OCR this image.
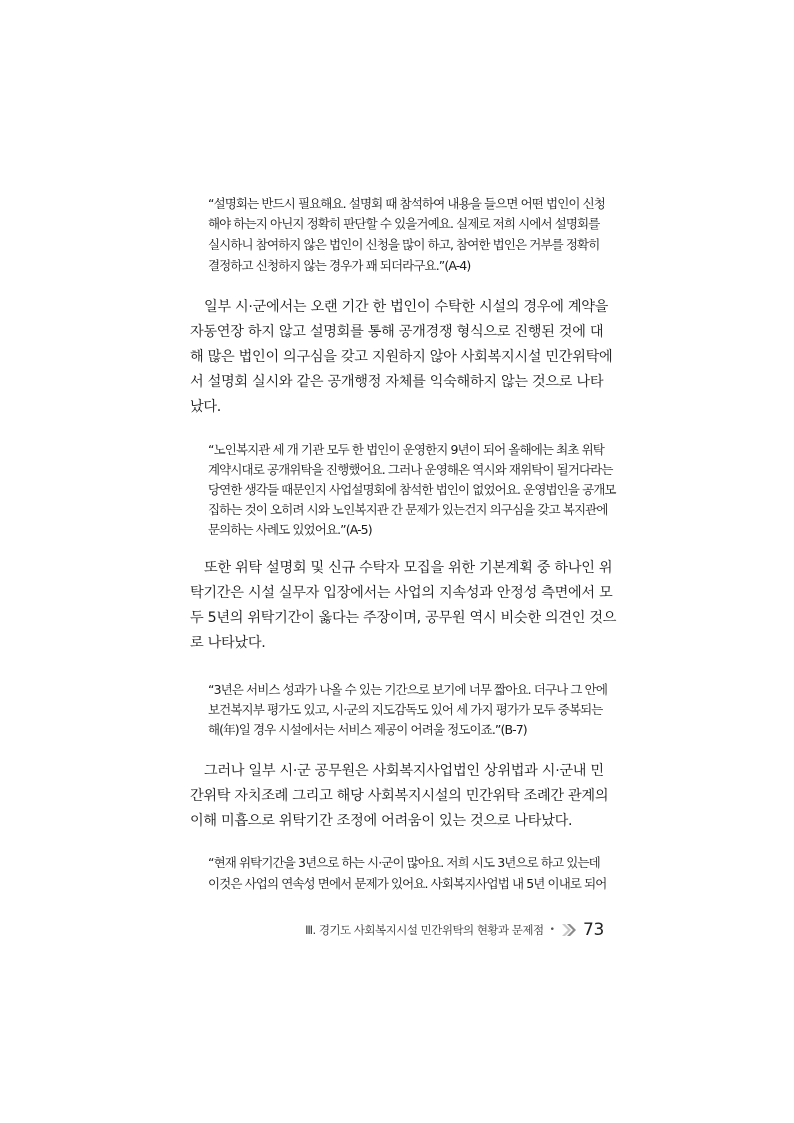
“설명회는 반드시 필요해요. 설명회 때 참석하여 내용을 들으면 어떤 법인이 신청
해야 하는지 아닌지 정확히 판단할 수 있을거예요. 실제로 저희 시에서 설명회를
실시하니 참여하지 않은 법인이 신청을 많이 하고, 참여한 법인은 거부를 정확히
결정하고 신청하지 않는 경우가 꽤 되더라구요.”(A-4)
일부 시·군에서는 오랜 기간 한 법인이 수탁한 시설의 경우에 계약을
자동연장 하지 않고 설명회를 통해 공개경쟁 형식으로 진행된 것에 대
해 많은 법인이 의구심을 갖고 지원하지 않아 사회복지시설 민간위탁에
서 설명회 실시와 같은 공개행정 자체를 익숙해하지 않는 것으로 나타
났다.
“노인복지관 세 개 기관 모두 한 법인이 운영한지 9년이 되어 올해에는 최초 위탁
계약시대로 공개위탁을 진행했어요. 그러나 운영해온 역시와 재위탁이 될거다라는
당연한 생각들 때문인지 사업설명회에 참석한 법인이 없었어요. 운영법인을 공개모
집하는 것이 오히려 시와 노인복지관 간 문제가 있는건지 의구심을 갖고 복지관에
문의하는 사례도 있었어요.”(A-5)
또한 위탁 설명회 및 신규 수탁자 모집을 위한 기본계획 중 하나인 위
탁기간은 시설 실무자 입장에서는 사업의 지속성과 안정성 측면에서 모
두 5년의 위탁기간이 옳다는 주장이며, 공무원 역시 비슷한 의견인 것으
로 나타났다.
“3년은 서비스 성과가 나올 수 있는 기간으로 보기에 너무 짧아요. 더구나 그 안에
보건복지부 평가도 있고, 시·군의 지도감독도 있어 세 가지 평가가 모두 중복되는
해(年)일 경우 시설에서는 서비스 제공이 어려울 정도이죠.”(B-7)
그러나 일부 시·군 공무원은 사회복지사업법인 상위법과 시·군내 민
간위탁 자치조례 그리고 해당 사회복지시설의 민간위탁 조례간 관계의
이해 미흡으로 위탁기간 조정에 어려움이 있는 것으로 나타났다.
“현재 위탁기간을 3년으로 하는 시·군이 많아요. 저희 시도 3년으로 하고 있는데
이것은 사업의 연속성 면에서 문제가 있어요. 사회복지사업법 내 5년 이내로 되어
Ⅲ. 경기도 사회복지시설 민간위탁의 현황과 문제점 • 73
